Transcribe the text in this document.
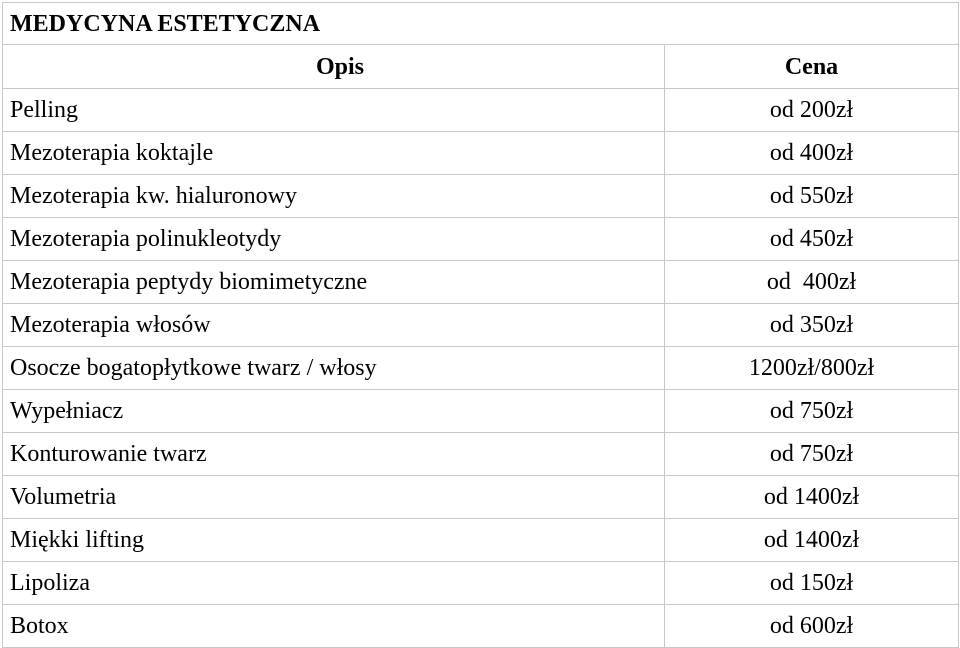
MEDYCYNA ESTETYCZNA	
Opis	Cena
Pelling	od 200zł
Mezoterapia koktajle	od 400zł
Mezoterapia kw. hialuronowy	od 550zł
Mezoterapia polinukleotydy	od 450zł
Mezoterapia peptydy biomimetyczne	od  400zł
Mezoterapia włosów	od 350zł
Osocze bogatopłytkowe twarz / włosy	1200zł/800zł
Wypełniacz	od 750zł
Konturowanie twarz	od 750zł
Volumetria	od 1400zł
Miękki lifting	od 1400zł
Lipoliza	od 150zł
Botox	od 600zł
